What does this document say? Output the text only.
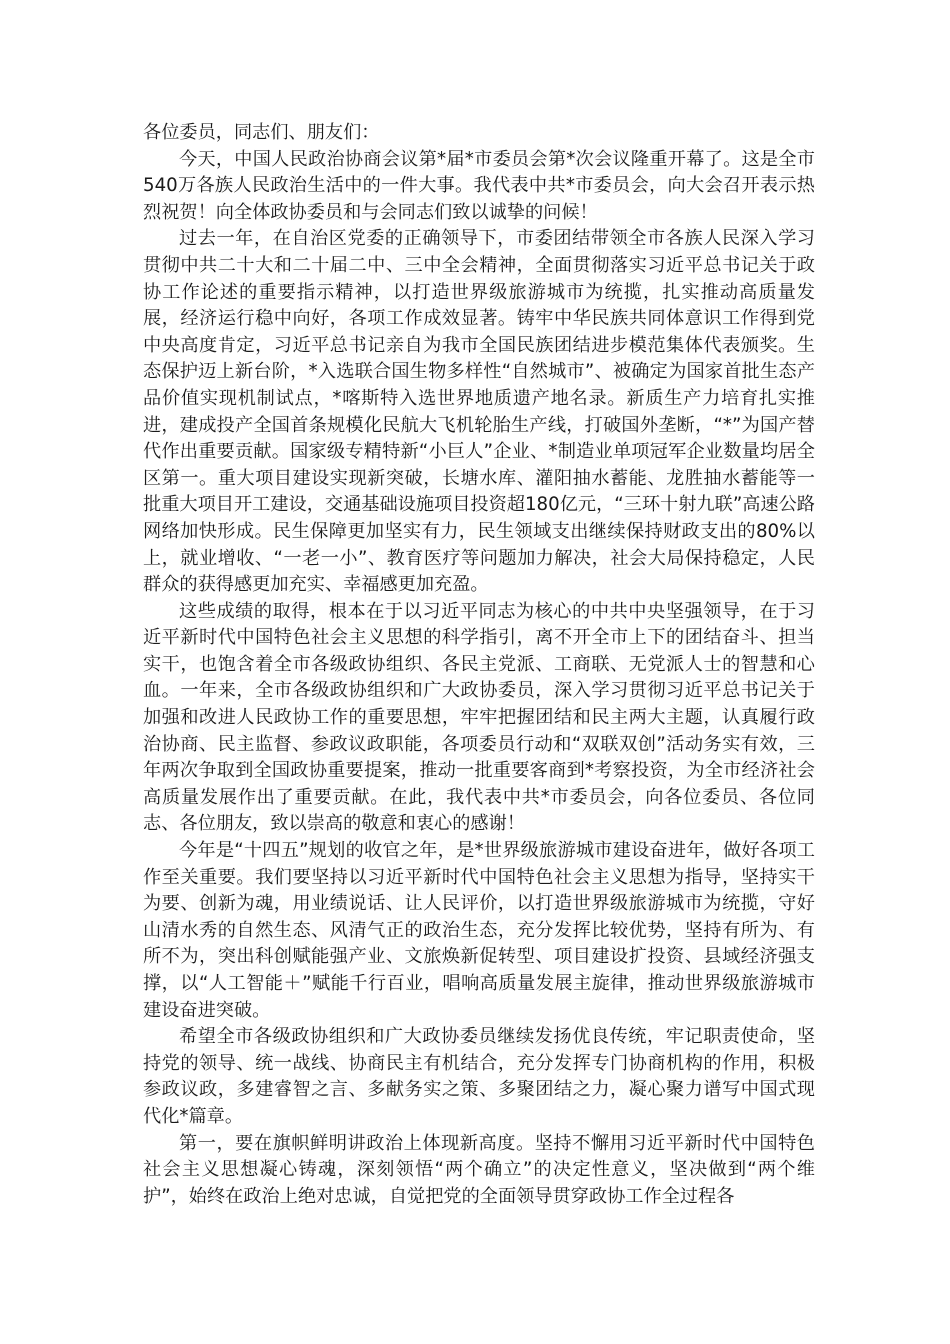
各位委员，同志们、朋友们：

今天，中国人民政治协商会议第*届*市委员会第*次会议隆重开幕了。这是全市540万各族人民政治生活中的一件大事。我代表中共*市委员会，向大会召开表示热烈祝贺！向全体政协委员和与会同志们致以诚挚的问候！

过去一年，在自治区党委的正确领导下，市委团结带领全市各族人民深入学习贯彻中共二十大和二十届二中、三中全会精神，全面贯彻落实习近平总书记关于政协工作论述的重要指示精神，以打造世界级旅游城市为统揽，扎实推动高质量发展，经济运行稳中向好，各项工作成效显著。铸牢中华民族共同体意识工作得到党中央高度肯定，习近平总书记亲自为我市全国民族团结进步模范集体代表颁奖。生态保护迈上新台阶，*入选联合国生物多样性“自然城市”、被确定为国家首批生态产品价值实现机制试点，*喀斯特入选世界地质遗产地名录。新质生产力培育扎实推进，建成投产全国首条规模化民航大飞机轮胎生产线，打破国外垄断，“*”为国产替代作出重要贡献。国家级专精特新“小巨人”企业、*制造业单项冠军企业数量均居全区第一。重大项目建设实现新突破，长塘水库、灌阳抽水蓄能、龙胜抽水蓄能等一批重大项目开工建设，交通基础设施项目投资超180亿元，“三环十射九联”高速公路网络加快形成。民生保障更加坚实有力，民生领域支出继续保持财政支出的80%以上，就业增收、“一老一小”、教育医疗等问题加力解决，社会大局保持稳定，人民群众的获得感更加充实、幸福感更加充盈。

这些成绩的取得，根本在于以习近平同志为核心的中共中央坚强领导，在于习近平新时代中国特色社会主义思想的科学指引，离不开全市上下的团结奋斗、担当实干，也饱含着全市各级政协组织、各民主党派、工商联、无党派人士的智慧和心血。一年来，全市各级政协组织和广大政协委员，深入学习贯彻习近平总书记关于加强和改进人民政协工作的重要思想，牢牢把握团结和民主两大主题，认真履行政治协商、民主监督、参政议政职能，各项委员行动和“双联双创”活动务实有效，三年两次争取到全国政协重要提案，推动一批重要客商到*考察投资，为全市经济社会高质量发展作出了重要贡献。在此，我代表中共*市委员会，向各位委员、各位同志、各位朋友，致以崇高的敬意和衷心的感谢！

今年是“十四五”规划的收官之年，是*世界级旅游城市建设奋进年，做好各项工作至关重要。我们要坚持以习近平新时代中国特色社会主义思想为指导，坚持实干为要、创新为魂，用业绩说话、让人民评价，以打造世界级旅游城市为统揽，守好山清水秀的自然生态、风清气正的政治生态，充分发挥比较优势，坚持有所为、有所不为，突出科创赋能强产业、文旅焕新促转型、项目建设扩投资、县域经济强支撑，以“人工智能＋”赋能千行百业，唱响高质量发展主旋律，推动世界级旅游城市建设奋进突破。

希望全市各级政协组织和广大政协委员继续发扬优良传统，牢记职责使命，坚持党的领导、统一战线、协商民主有机结合，充分发挥专门协商机构的作用，积极参政议政，多建睿智之言、多献务实之策、多聚团结之力，凝心聚力谱写中国式现代化*篇章。

第一，要在旗帜鲜明讲政治上体现新高度。坚持不懈用习近平新时代中国特色社会主义思想凝心铸魂，深刻领悟“两个确立”的决定性意义，坚决做到“两个维护”，始终在政治上绝对忠诚，自觉把党的全面领导贯穿政协工作全过程各
